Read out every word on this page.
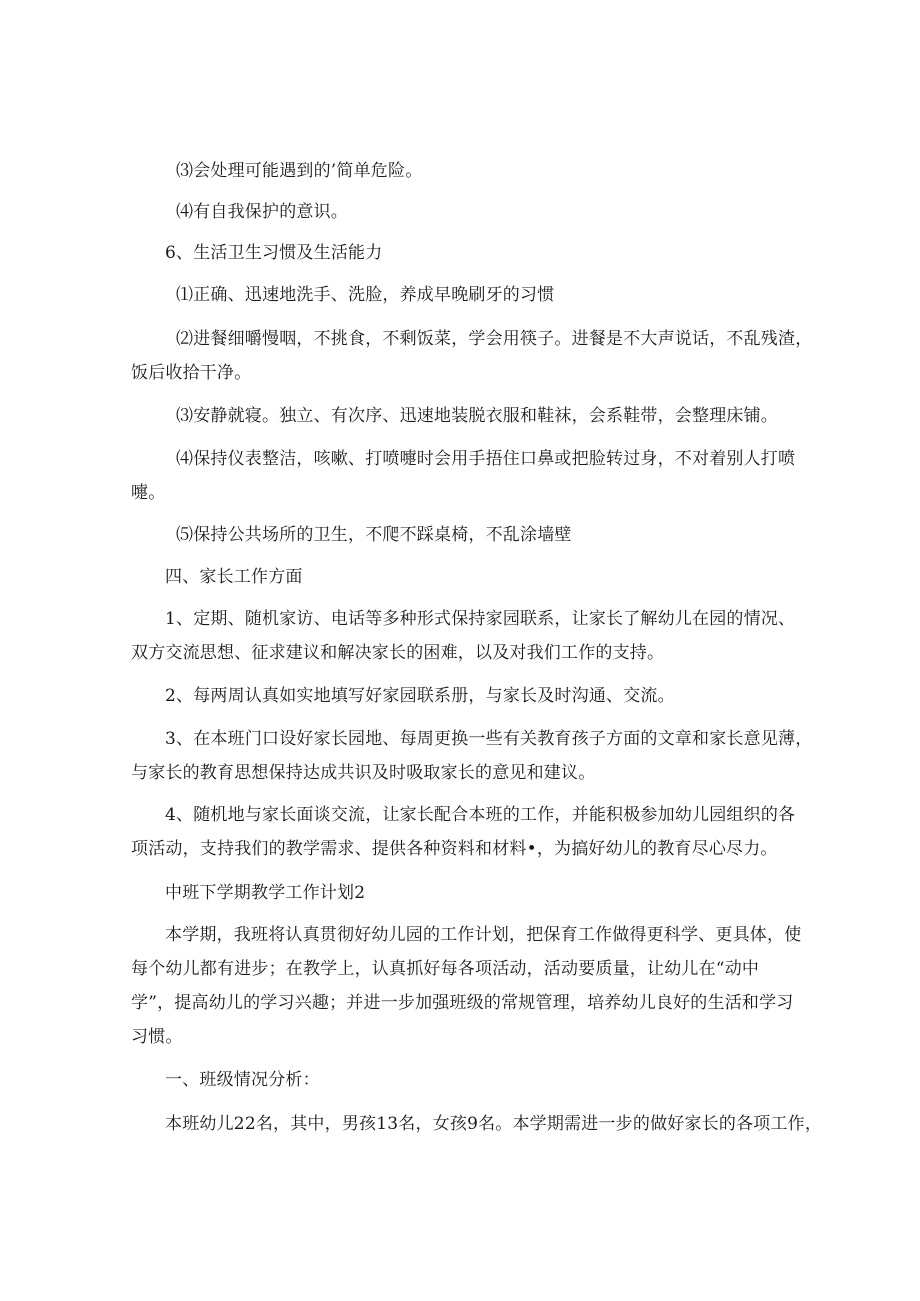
⑶会处理可能遇到的’简单危险。

⑷有自我保护的意识。

6、生活卫生习惯及生活能力

⑴正确、迅速地洗手、洗脸，养成早晚刷牙的习惯

⑵进餐细嚼慢咽，不挑食，不剩饭菜，学会用筷子。进餐是不大声说话，不乱残渣，

饭后收拾干净。

⑶安静就寝。独立、有次序、迅速地装脱衣服和鞋袜，会系鞋带，会整理床铺。

⑷保持仪表整洁，咳嗽、打喷嚏时会用手捂住口鼻或把脸转过身，不对着别人打喷

嚏。

⑸保持公共场所的卫生，不爬不踩桌椅，不乱涂墙壁

四、家长工作方面

1、定期、随机家访、电话等多种形式保持家园联系，让家长了解幼儿在园的情况、

双方交流思想、征求建议和解决家长的困难，以及对我们工作的支持。

2、每两周认真如实地填写好家园联系册，与家长及时沟通、交流。

3、在本班门口设好家长园地、每周更换一些有关教育孩子方面的文章和家长意见薄，

与家长的教育思想保持达成共识及时吸取家长的意见和建议。

4、随机地与家长面谈交流，让家长配合本班的工作，并能积极参加幼儿园组织的各

项活动，支持我们的教学需求、提供各种资料和材料•，为搞好幼儿的教育尽心尽力。

中班下学期教学工作计划2

本学期，我班将认真贯彻好幼儿园的工作计划，把保育工作做得更科学、更具体，使

每个幼儿都有进步；在教学上，认真抓好每各项活动，活动要质量，让幼儿在“动中

学”，提高幼儿的学习兴趣；并进一步加强班级的常规管理，培养幼儿良好的生活和学习

习惯。

一、班级情况分析：

本班幼儿22名，其中，男孩13名，女孩9名。本学期需进一步的做好家长的各项工作，
